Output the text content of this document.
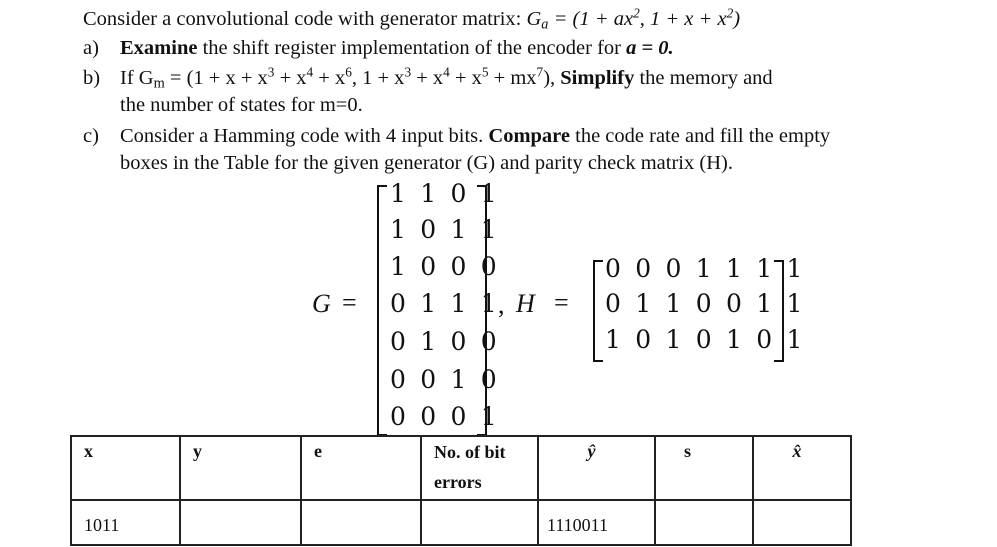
Consider a convolutional code with generator matrix: $G_a = (1 + ax^2$, $1 + x + x^2$)
a) Examine the shift register implementation of the encoder for a = 0.
b) If $G_m = (1 + x + x^3 + x^4 + x^6$, $1 + x^3 + x^4 + x^5 + mx^7$), Simplify the memory and
the number of states for m=0.
c) Consider a Hamming code with 4 input bits. Compare the code rate and fill the empty
boxes in the Table for the given generator (G) and parity check matrix (H).
G =
1 1 0 1
1 0 1 1
1 0 0 0
0 1 1 1
0 1 0 0
0 0 1 0
0 0 0 1
, H =
0 0 0 1 1 1 1
0 1 1 0 0 1 1
1 0 1 0 1 0 1
x	y	e	No. of bit errors	ŷ	s	x̂
1011				1110011		
